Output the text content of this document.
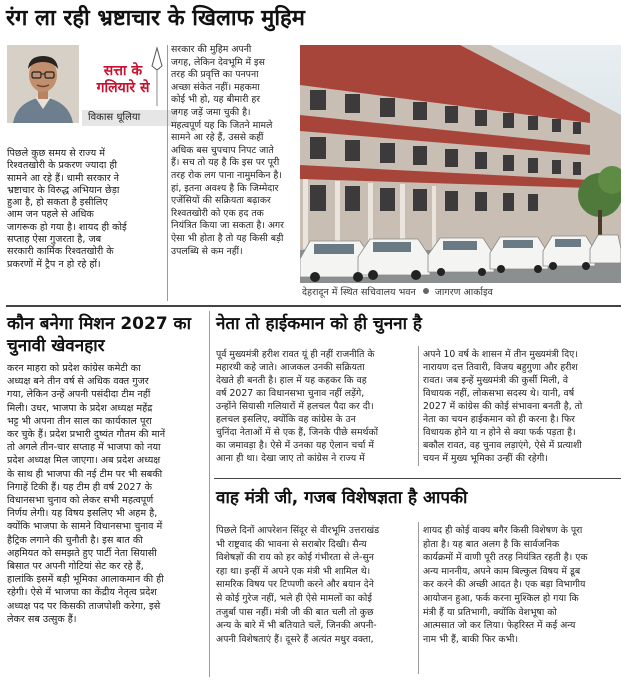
रंग ला रही भ्रष्टाचार के खिलाफ मुहिम
सत्ता के
गलियारे से
विकास धूलिया
पिछले कुछ समय से राज्य में
रिश्वतखोरी के प्रकरण ज्यादा ही
सामने आ रहे हैं। धामी सरकार ने
भ्रष्टाचार के विरुद्ध अभियान छेड़ा
हुआ है, हो सकता है इसीलिए
आम जन पहले से अधिक
जागरूक हो गया है। शायद ही कोई
सप्ताह ऐसा गुजरता है, जब
सरकारी कार्मिक रिश्वतखोरी के
प्रकरणों में ट्रैप न हो रहे हों।
सरकार की मुहिम अपनी
जगह, लेकिन देवभूमि में इस
तरह की प्रवृत्ति का पनपना
अच्छा संकेत नहीं। महकमा
कोई भी हो, यह बीमारी हर
जगह जड़ें जमा चुकी है।
महत्वपूर्ण यह कि जितने मामले
सामने आ रहे हैं, उससे कहीं
अधिक बस चुपचाप निपट जाते
हैं। सच तो यह है कि इस पर पूरी
तरह रोक लग पाना नामुमकिन है।
हां, इतना अवश्य है कि जिम्मेदार
एजेंसियों की सक्रियता बढ़ाकर
रिश्वतखोरी को एक हद तक
नियंत्रित किया जा सकता है। अगर
ऐसा भी होता है तो यह किसी बड़ी
उपलब्धि से कम नहीं।
देहरादून में स्थित सचिवालय भवन जागरण आर्काइव
कौन बनेगा मिशन 2027 का
चुनावी खेवनहार
करन माहरा को प्रदेश कांग्रेस कमेटी का
अध्यक्ष बने तीन वर्ष से अधिक वक्त गुजर
गया, लेकिन उन्हें अपनी पसंदीदा टीम नहीं
मिली। उधर, भाजपा के प्रदेश अध्यक्ष महेंद्र
भट्ट भी अपना तीन साल का कार्यकाल पूरा
कर चुके हैं। प्रदेश प्रभारी दुष्यंत गौतम की मानें
तो अगले तीन-चार सप्ताह में भाजपा को नया
प्रदेश अध्यक्ष मिल जाएगा। अब प्रदेश अध्यक्ष
के साथ ही भाजपा की नई टीम पर भी सबकी
निगाहें टिकी हैं। यह टीम ही वर्ष 2027 के
विधानसभा चुनाव को लेकर सभी महत्वपूर्ण
निर्णय लेगी। यह विषय इसलिए भी अहम है,
क्योंकि भाजपा के सामने विधानसभा चुनाव में
हैट्रिक लगाने की चुनौती है। इस बात की
अहमियत को समझते हुए पार्टी नेता सियासी
बिसात पर अपनी गोटियां सेट कर रहे हैं,
हालांकि इसमें बड़ी भूमिका आलाकमान की ही
रहेगी। ऐसे में भाजपा का केंद्रीय नेतृत्व प्रदेश
अध्यक्ष पद पर किसकी ताजपोशी करेगा, इसे
लेकर सब उत्सुक हैं।
नेता तो हाईकमान को ही चुनना है
पूर्व मुख्यमंत्री हरीश रावत यूं ही नहीं राजनीति के
महारथी कहे जाते। आजकल उनकी सक्रियता
देखते ही बनती है। हाल में यह कहकर कि वह
वर्ष 2027 का विधानसभा चुनाव नहीं लड़ेंगे,
उन्होंने सियासी गलियारों में हलचल पैदा कर दी।
हलचल इसलिए, क्योंकि वह कांग्रेस के उन
चुनिंदा नेताओं में से एक हैं, जिनके पीछे समर्थकों
का जमावड़ा है। ऐसे में उनका यह ऐलान चर्चा में
आना ही था। देखा जाए तो कांग्रेस ने राज्य में
अपने 10 वर्ष के शासन में तीन मुख्यमंत्री दिए।
नारायण दत्त तिवारी, विजय बहुगुणा और हरीश
रावत। जब इन्हें मुख्यमंत्री की कुर्सी मिली, वे
विधायक नहीं, लोकसभा सदस्य थे। यानी, वर्ष
2027 में कांग्रेस की कोई संभावना बनती है, तो
नेता का चयन हाईकमान को ही करना है। फिर
विधायक होने या न होने से क्या फर्क पड़ता है।
बकौल रावत, वह चुनाव लड़ाएंगे, ऐसे में प्रत्याशी
चयन में मुख्य भूमिका उन्हीं की रहेगी।
वाह मंत्री जी, गजब विशेषज्ञता है आपकी
पिछले दिनों आपरेशन सिंदूर से वीरभूमि उत्तराखंड
भी राष्ट्रवाद की भावना से सराबोर दिखी। सैन्य
विशेषज्ञों की राय को हर कोई गंभीरता से ले-सुन
रहा था। इन्हीं में अपने एक मंत्री भी शामिल थे।
सामरिक विषय पर टिप्पणी करने और बयान देने
से कोई गुरेज नहीं, भले ही ऐसे मामलों का कोई
तजुर्बा पास नहीं। मंत्री जी की बात चली तो कुछ
अन्य के बारे में भी बतियाते चलें, जिनकी अपनी-
अपनी विशेषताएं हैं। दूसरे हैं अत्यंत मधुर वक्ता,
शायद ही कोई वाक्य बगैर किसी विशेषण के पूरा
होता है। यह बात अलग है कि सार्वजनिक
कार्यक्रमों में वाणी पूरी तरह नियंत्रित रहती है। एक
अन्य माननीय, अपने काम बिल्कुल विषय में डूब
कर करने की अच्छी आदत है। एक बड़ा विभागीय
आयोजन हुआ, फर्क करना मुश्किल हो गया कि
मंत्री हैं या प्रतिभागी, क्योंकि वेशभूषा को
आत्मसात जो कर लिया। फेहरिस्त में कई अन्य
नाम भी हैं, बाकी फिर कभी।
